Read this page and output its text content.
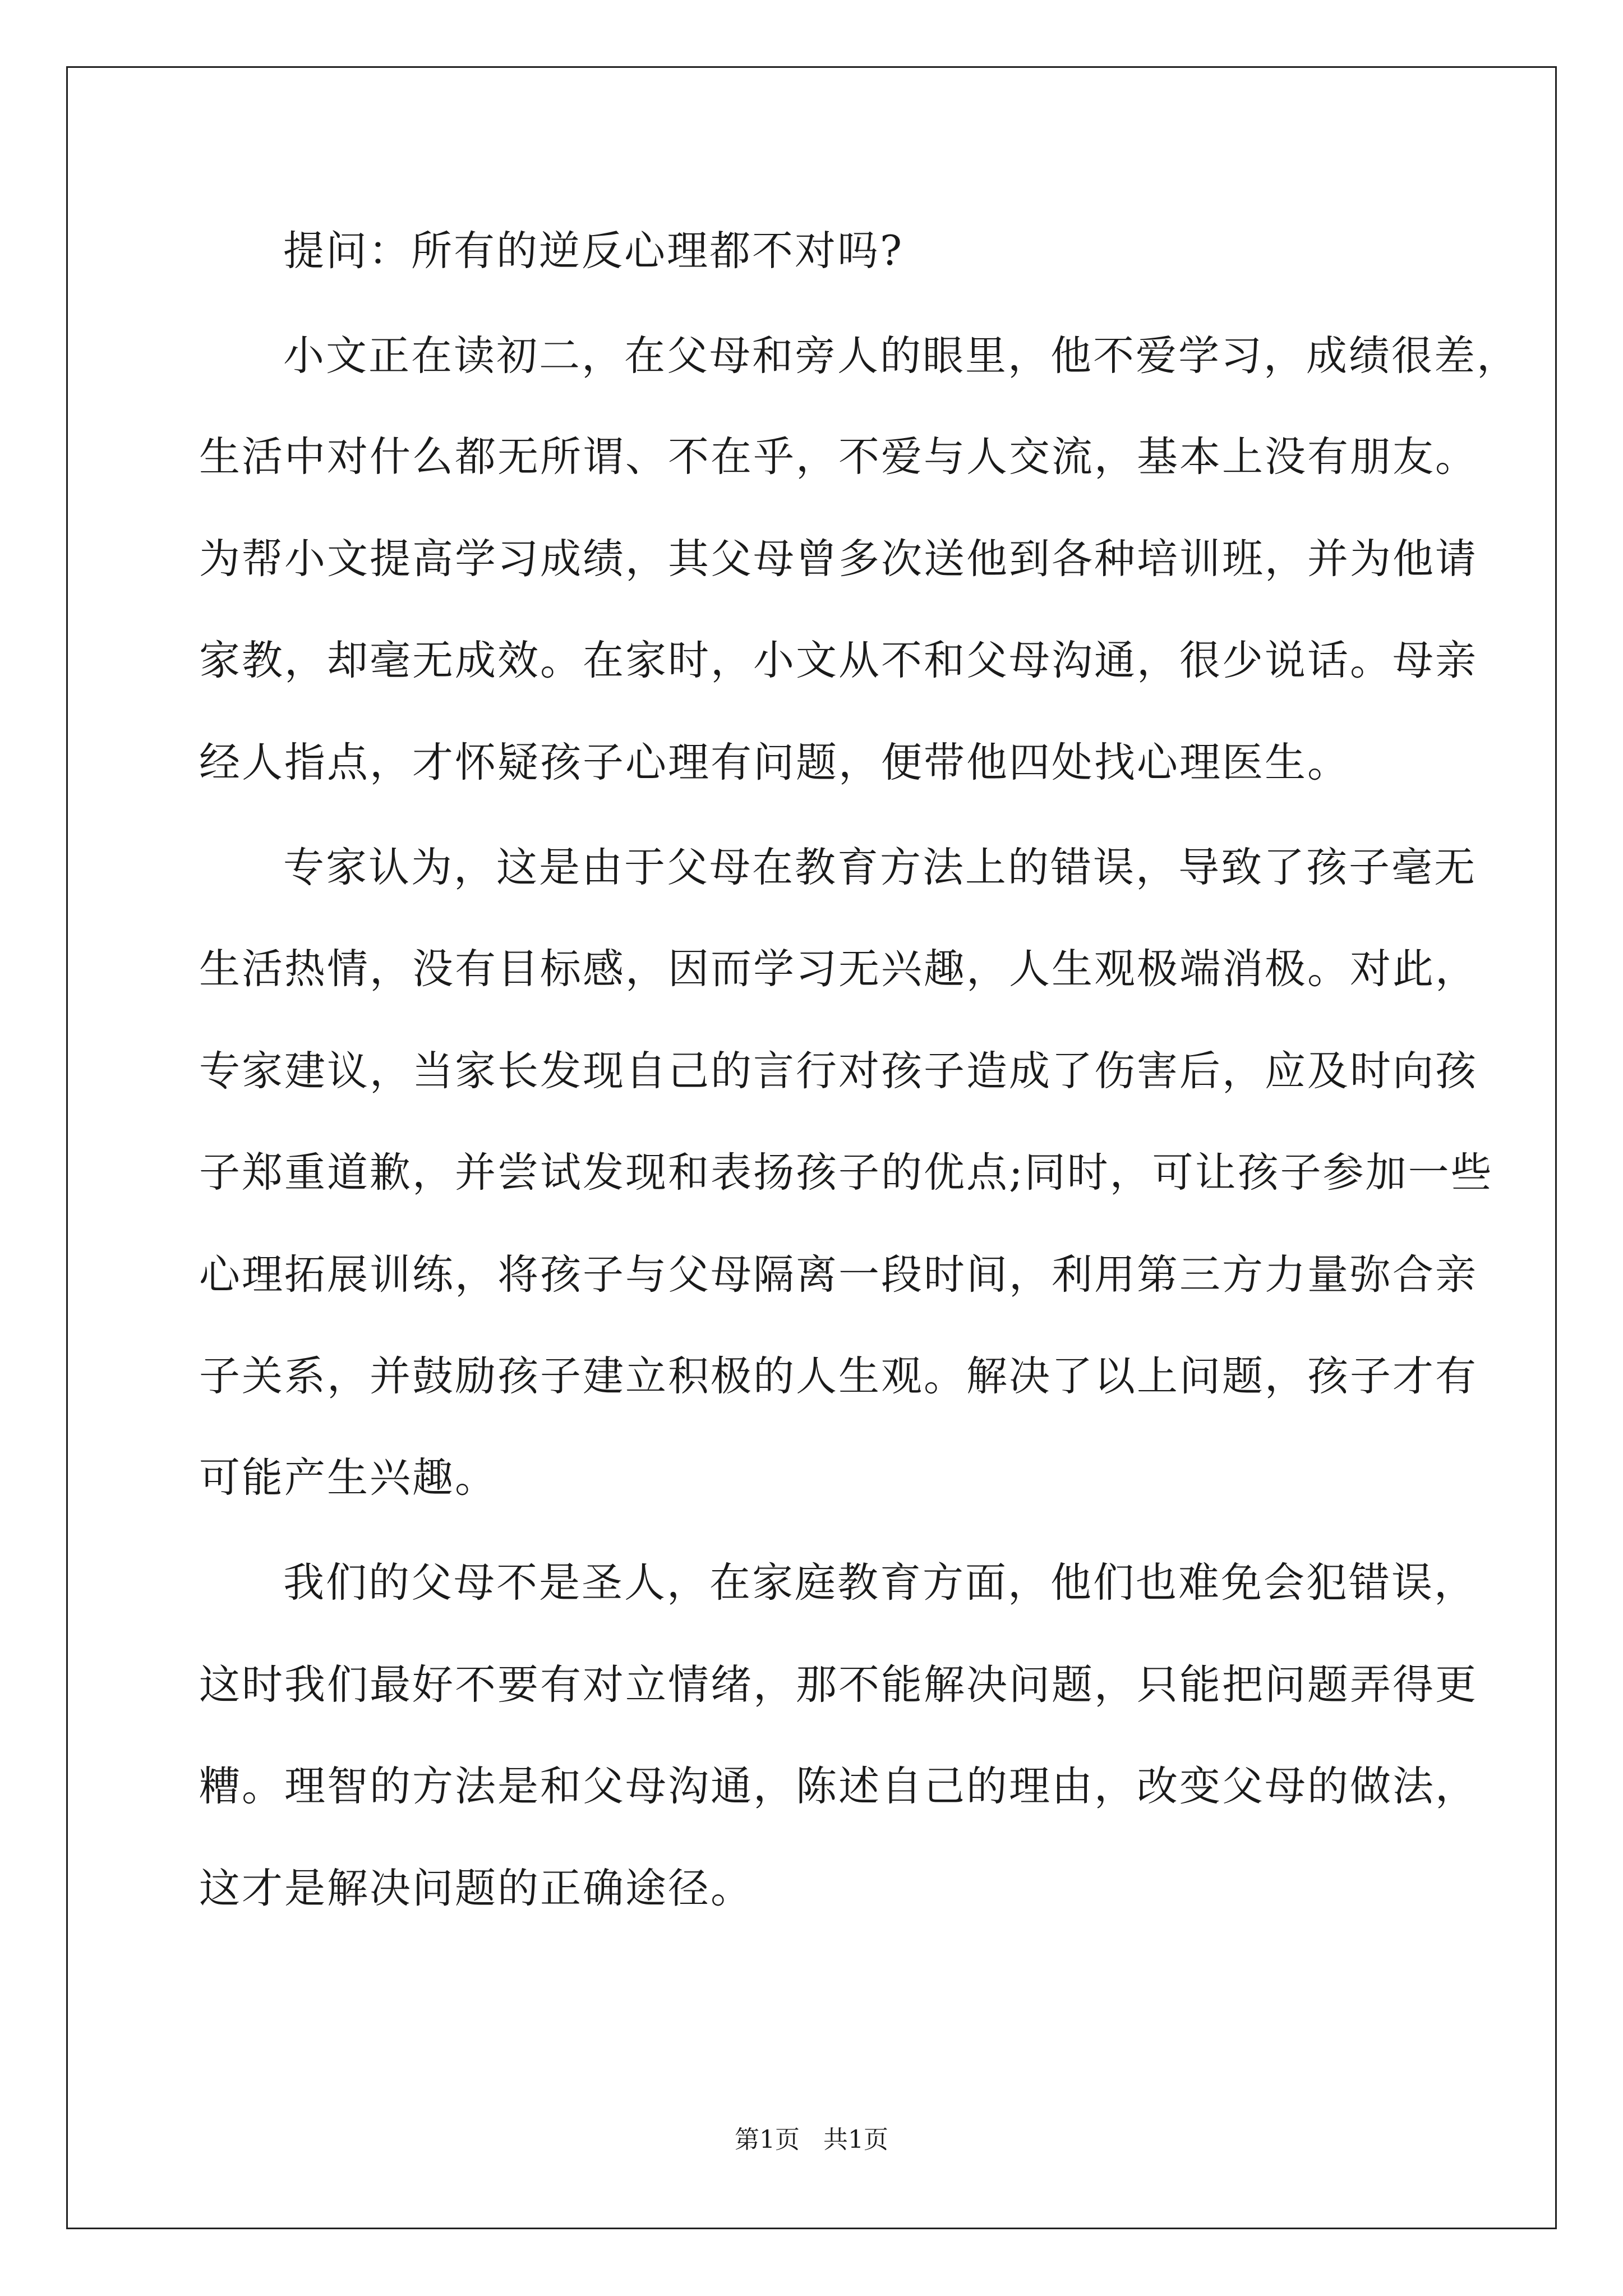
提问：所有的逆反心理都不对吗?

小文正在读初二，在父母和旁人的眼里，他不爱学习，成绩很差，

生活中对什么都无所谓、不在乎，不爱与人交流，基本上没有朋友。

为帮小文提高学习成绩，其父母曾多次送他到各种培训班，并为他请

家教，却毫无成效。在家时，小文从不和父母沟通，很少说话。母亲

经人指点，才怀疑孩子心理有问题，便带他四处找心理医生。

专家认为，这是由于父母在教育方法上的错误，导致了孩子毫无

生活热情，没有目标感，因而学习无兴趣，人生观极端消极。对此，

专家建议，当家长发现自己的言行对孩子造成了伤害后，应及时向孩

子郑重道歉，并尝试发现和表扬孩子的优点;同时，可让孩子参加一些

心理拓展训练，将孩子与父母隔离一段时间，利用第三方力量弥合亲

子关系，并鼓励孩子建立积极的人生观。解决了以上问题，孩子才有

可能产生兴趣。

我们的父母不是圣人，在家庭教育方面，他们也难免会犯错误，

这时我们最好不要有对立情绪，那不能解决问题，只能把问题弄得更

糟。理智的方法是和父母沟通，陈述自己的理由，改变父母的做法，

这才是解决问题的正确途径。

第1页   共1页
